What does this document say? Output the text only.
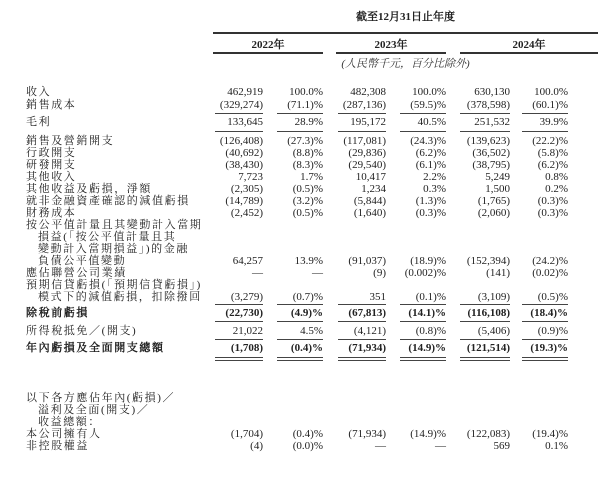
截至12月31日止年度
2022年	2023年	2024年
(人民幣千元，百分比除外)
收入	462,919	100.0%	482,308	100.0%	630,130	100.0%
銷售成本	(329,274)	(71.1)%	(287,136)	(59.5)%	(378,598)	(60.1)%
毛利	133,645	28.9%	195,172	40.5%	251,532	39.9%
銷售及營銷開支	(126,408)	(27.3)%	(117,081)	(24.3)%	(139,623)	(22.2)%
行政開支	(40,692)	(8.8)%	(29,836)	(6.2)%	(36,502)	(5.8)%
研發開支	(38,430)	(8.3)%	(29,540)	(6.1)%	(38,795)	(6.2)%
其他收入	7,723	1.7%	10,417	2.2%	5,249	0.8%
其他收益及虧損，淨額	(2,305)	(0.5)%	1,234	0.3%	1,500	0.2%
就非金融資產確認的減值虧損	(14,789)	(3.2)%	(5,844)	(1.3)%	(1,765)	(0.3)%
財務成本	(2,452)	(0.5)%	(1,640)	(0.3)%	(2,060)	(0.3)%
按公平值計量且其變動計入當期
損益(「按公平值計量且其
變動計入當期損益」)的金融
負債公平值變動	64,257	13.9%	(91,037)	(18.9)%	(152,394)	(24.2)%
應佔聯營公司業績	—	—	(9)	(0.002)%	(141)	(0.02)%
預期信貸虧損(「預期信貸虧損」)
模式下的減值虧損，扣除撥回	(3,279)	(0.7)%	351	(0.1)%	(3,109)	(0.5)%
除稅前虧損	(22,730)	(4.9)%	(67,813)	(14.1)%	(116,108)	(18.4)%
所得稅抵免／(開支)	21,022	4.5%	(4,121)	(0.8)%	(5,406)	(0.9)%
年內虧損及全面開支總額	(1,708)	(0.4)%	(71,934)	(14.9)%	(121,514)	(19.3)%
以下各方應佔年內(虧損)／
溢利及全面(開支)／
收益總額：
本公司擁有人	(1,704)	(0.4)%	(71,934)	(14.9)%	(122,083)	(19.4)%
非控股權益	(4)	(0.0)%	—	—	569	0.1%
